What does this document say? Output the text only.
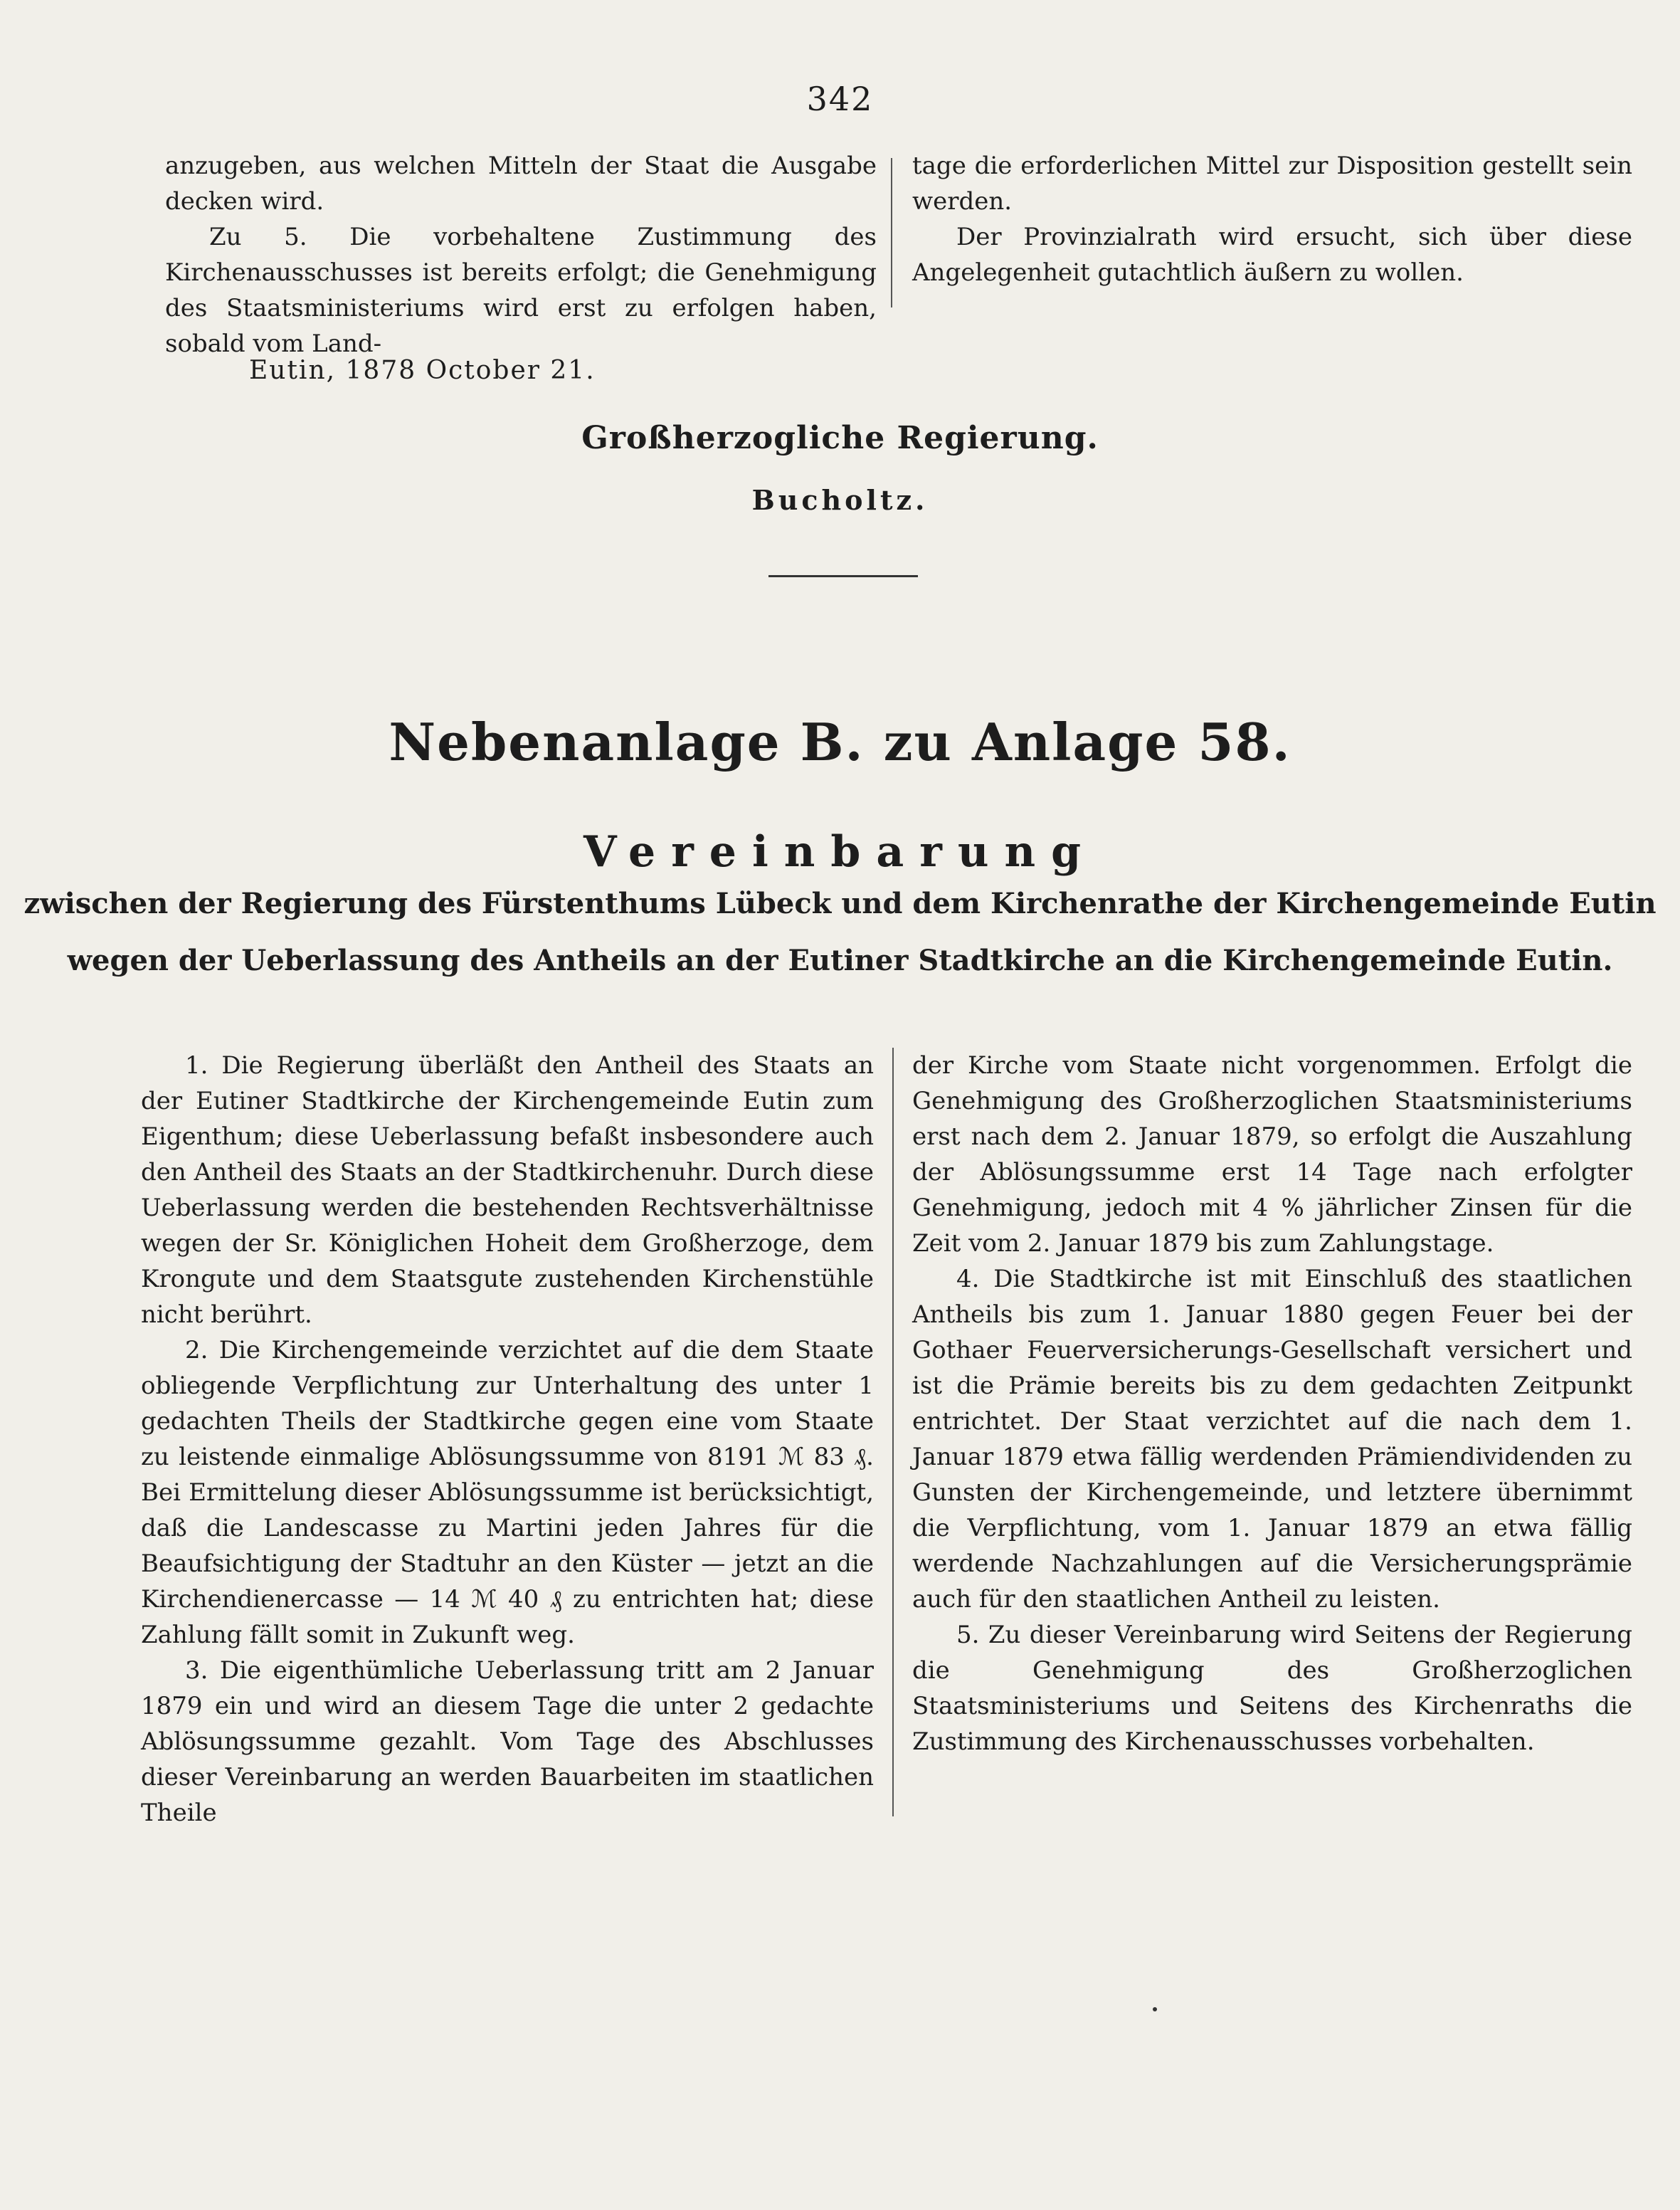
342

anzugeben, aus welchen Mitteln der Staat die Ausgabe decken wird.

Zu 5. Die vorbehaltene Zustimmung des Kirchenausschusses ist bereits erfolgt; die Genehmigung des Staatsministeriums wird erst zu erfolgen haben, sobald vom Land-

tage die erforderlichen Mittel zur Disposition gestellt sein werden.

Der Provinzialrath wird ersucht, sich über diese Angelegenheit gutachtlich äußern zu wollen.

Eutin, 1878 October 21.
Großherzogliche Regierung.
Bucholtz.
Nebenanlage B. zu Anlage 58.
Vereinbarung
zwischen der Regierung des Fürstenthums Lübeck und dem Kirchenrathe der Kirchengemeinde Eutin
wegen der Ueberlassung des Antheils an der Eutiner Stadtkirche an die Kirchengemeinde Eutin.

1. Die Regierung überläßt den Antheil des Staats an der Eutiner Stadtkirche der Kirchengemeinde Eutin zum Eigenthum; diese Ueberlassung befaßt insbesondere auch den Antheil des Staats an der Stadtkirchenuhr. Durch diese Ueberlassung werden die bestehenden Rechtsverhältnisse wegen der Sr. Königlichen Hoheit dem Großherzoge, dem Krongute und dem Staatsgute zustehenden Kirchenstühle nicht berührt.

2. Die Kirchengemeinde verzichtet auf die dem Staate obliegende Verpflichtung zur Unterhaltung des unter 1 gedachten Theils der Stadtkirche gegen eine vom Staate zu leistende einmalige Ablösungssumme von 8191 ℳ 83 ₰. Bei Ermittelung dieser Ablösungssumme ist berücksichtigt, daß die Landescasse zu Martini jeden Jahres für die Beaufsichtigung der Stadtuhr an den Küster — jetzt an die Kirchendienercasse — 14 ℳ 40 ₰ zu entrichten hat; diese Zahlung fällt somit in Zukunft weg.

3. Die eigenthümliche Ueberlassung tritt am 2 Januar 1879 ein und wird an diesem Tage die unter 2 gedachte Ablösungssumme gezahlt. Vom Tage des Abschlusses dieser Vereinbarung an werden Bauarbeiten im staatlichen Theile

der Kirche vom Staate nicht vorgenommen. Erfolgt die Genehmigung des Großherzoglichen Staatsministeriums erst nach dem 2. Januar 1879, so erfolgt die Auszahlung der Ablösungssumme erst 14 Tage nach erfolgter Genehmigung, jedoch mit 4 % jährlicher Zinsen für die Zeit vom 2. Januar 1879 bis zum Zahlungstage.

4. Die Stadtkirche ist mit Einschluß des staatlichen Antheils bis zum 1. Januar 1880 gegen Feuer bei der Gothaer Feuerversicherungs-Gesellschaft versichert und ist die Prämie bereits bis zu dem gedachten Zeitpunkt entrichtet. Der Staat verzichtet auf die nach dem 1. Januar 1879 etwa fällig werdenden Prämiendividenden zu Gunsten der Kirchengemeinde, und letztere übernimmt die Verpflichtung, vom 1. Januar 1879 an etwa fällig werdende Nachzahlungen auf die Versicherungsprämie auch für den staatlichen Antheil zu leisten.

5. Zu dieser Vereinbarung wird Seitens der Regierung die Genehmigung des Großherzoglichen Staatsministeriums und Seitens des Kirchenraths die Zustimmung des Kirchenausschusses vorbehalten.
